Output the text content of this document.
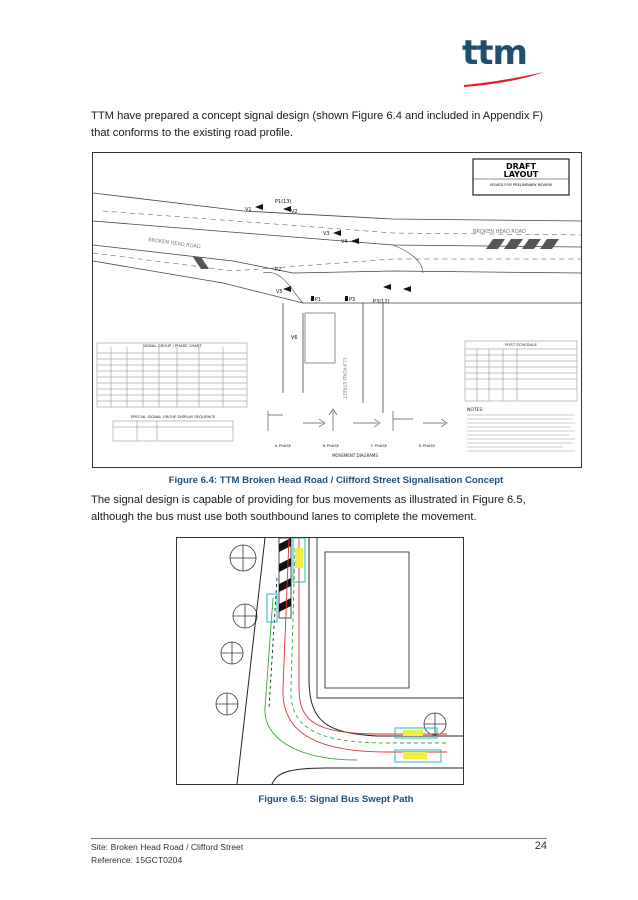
ttm

TTM have prepared a concept signal design (shown Figure 6.4 and included in Appendix F) that conforms to the existing road profile.

DRAFT
LAYOUT
ISSUED FOR PRELIMINARY REVIEW
BROKEN HEAD ROAD
BROKEN HEAD ROAD
CLIFFORD STREET
V1	V2
V3
V4
V5
P1
P2
P3
V6
P1(13)
P3(12)
SIGNAL GROUP / PHASE CHART
SPECIAL SIGNAL GROUP DISPLAY SEQUENCE
POST SCHEDULE
NOTES:
A PHASE	B PHASE	C PHASE	D PHASE
MOVEMENT DIAGRAMS

Figure 6.4: TTM Broken Head Road / Clifford Street Signalisation Concept

The signal design is capable of providing for bus movements as illustrated in Figure 6.5, although the bus must use both southbound lanes to complete the movement.

Figure 6.5: Signal Bus Swept Path

Site: Broken Head Road / Clifford Street
Reference: 15GCT0204
24
